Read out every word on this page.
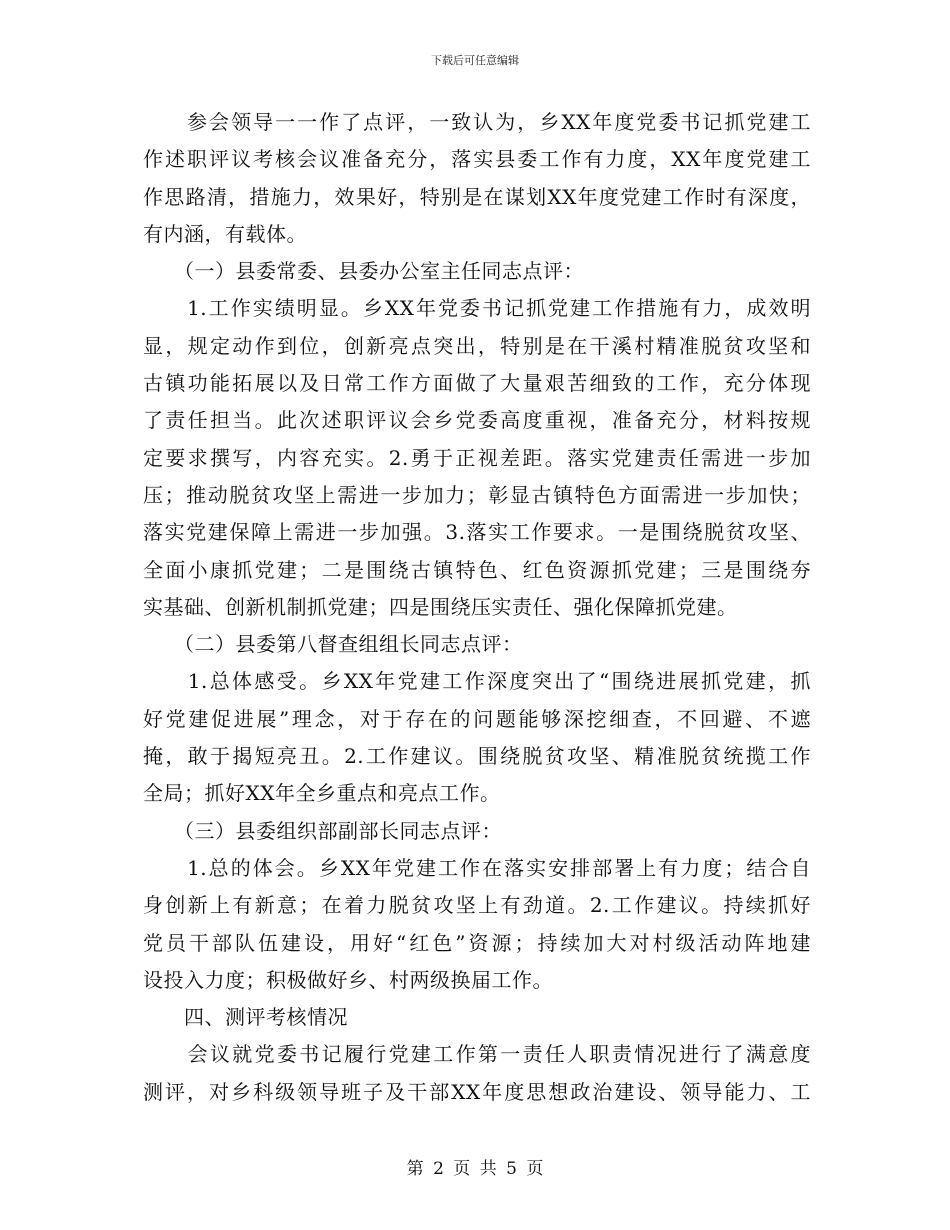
下载后可任意编辑
　　参会领导一一作了点评，一致认为，乡XX年度党委书记抓党建工
作述职评议考核会议准备充分，落实县委工作有力度，XX年度党建工
作思路清，措施力，效果好，特别是在谋划XX年度党建工作时有深度，
有内涵，有载体。
　　（一）县委常委、县委办公室主任同志点评：
　　1.工作实绩明显。乡XX年党委书记抓党建工作措施有力，成效明
显，规定动作到位，创新亮点突出，特别是在干溪村精准脱贫攻坚和
古镇功能拓展以及日常工作方面做了大量艰苦细致的工作，充分体现
了责任担当。此次述职评议会乡党委高度重视，准备充分，材料按规
定要求撰写，内容充实。2.勇于正视差距。落实党建责任需进一步加
压；推动脱贫攻坚上需进一步加力；彰显古镇特色方面需进一步加快；
落实党建保障上需进一步加强。3.落实工作要求。一是围绕脱贫攻坚、
全面小康抓党建；二是围绕古镇特色、红色资源抓党建；三是围绕夯
实基础、创新机制抓党建；四是围绕压实责任、强化保障抓党建。
　　（二）县委第八督查组组长同志点评：
　　1.总体感受。乡XX年党建工作深度突出了“围绕进展抓党建，抓
好党建促进展”理念，对于存在的问题能够深挖细查，不回避、不遮
掩，敢于揭短亮丑。2.工作建议。围绕脱贫攻坚、精准脱贫统揽工作
全局；抓好XX年全乡重点和亮点工作。
　　（三）县委组织部副部长同志点评：
　　1.总的体会。乡XX年党建工作在落实安排部署上有力度；结合自
身创新上有新意；在着力脱贫攻坚上有劲道。2.工作建议。持续抓好
党员干部队伍建设，用好“红色”资源；持续加大对村级活动阵地建
设投入力度；积极做好乡、村两级换届工作。
　　四、测评考核情况
　　会议就党委书记履行党建工作第一责任人职责情况进行了满意度
测评，对乡科级领导班子及干部XX年度思想政治建设、领导能力、工
第 2 页 共 5 页
